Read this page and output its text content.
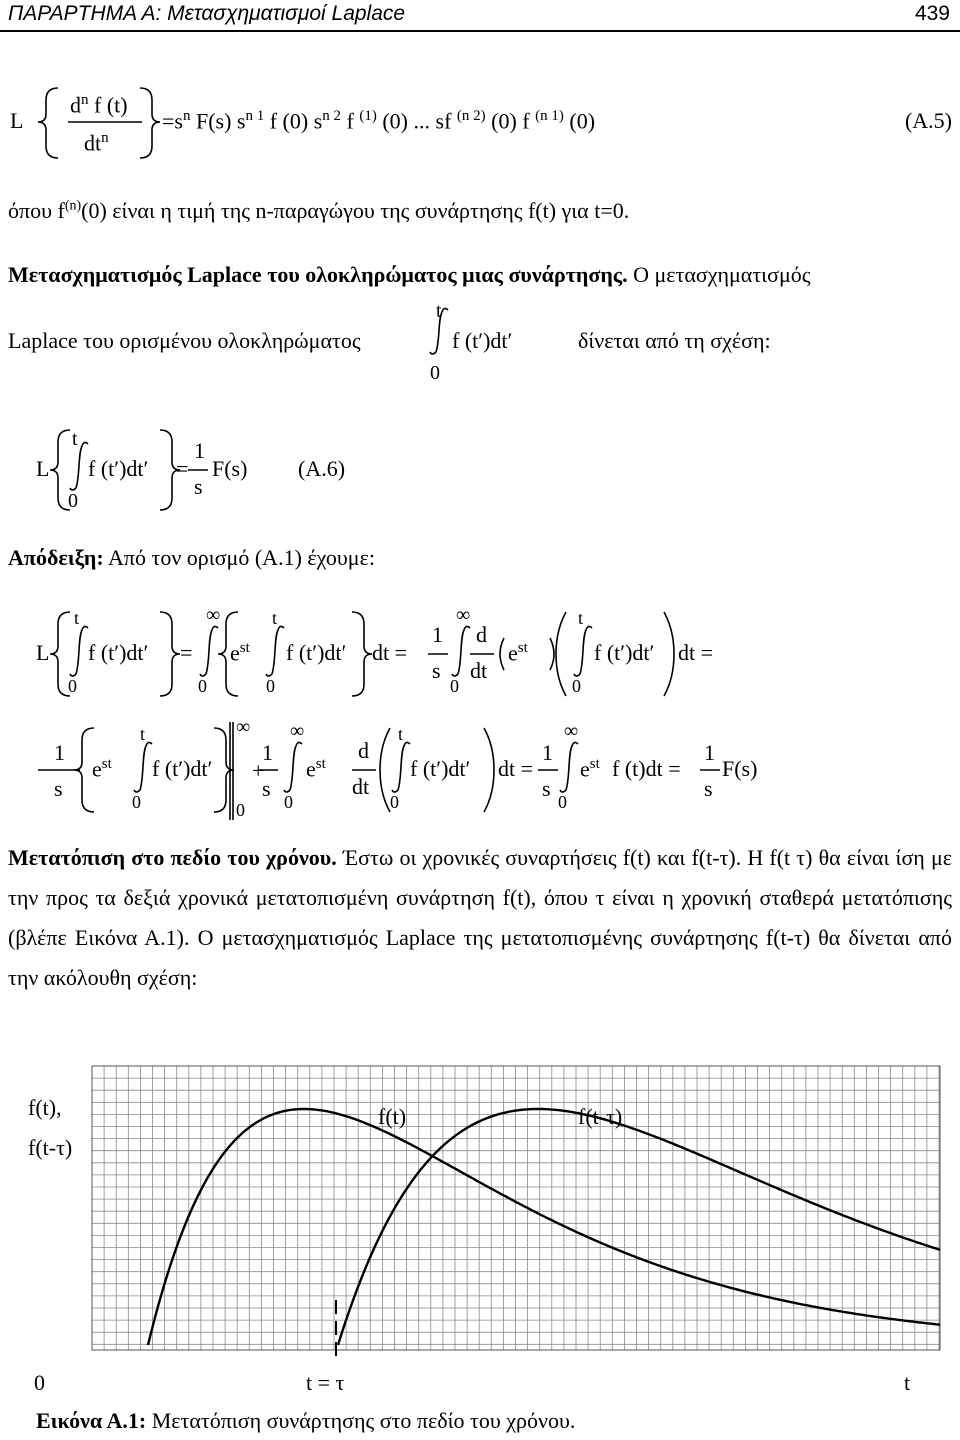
ΠΑΡΑΡΤΗΜΑ Α: Μετασχηματισμοί Laplace	439
L
$d^n$ f (t)
$dt^n$
$=s^n$ F(s) $s^{n 1}$ f (0) $s^{n 2}$ f $^{(1)}$ (0) ... sf $^{(n 2)}$ (0) f $^{(n 1)}$ (0)	(Α.5)
όπου $f^{(n)}(0)$ είναι η τιμή της n-παραγώγου της συνάρτησης f(t) για t=0.
Μετασχηματισμός Laplace του ολοκληρώματος μιας συνάρτησης. Ο μετασχηματισμός
Laplace του ορισμένου ολοκληρώματος
t
0
f (t′)dt′	δίνεται από τη σχέση:
L
t
0
f (t′)dt′ =
1
s
F(s) (Α.6)
Απόδειξη: Από τον ορισμό (Α.1) έχουμε:
L
t
0
f (t′)dt′ =
∞
0
$e^{st}$
t
0
f (t′)dt′ dt =
1
s
∞
0
d
dt
$e^{st}$
t
0
f (t′)dt′ dt =
1
s
$e^{st}$
t
0
f (t′)dt′
∞
0
+
1
s
∞
0
$e^{st}$
d
dt
t
0
f (t′)dt′ dt =
1
s
∞
0
$e^{st}$ f (t)dt =
1
s
F(s)
Μετατόπιση στο πεδίο του χρόνου. Έστω οι χρονικές συναρτήσεις f(t) και f(t-τ). Η f(t τ) θα είναι ίση με την προς τα δεξιά χρονικά μετατοπισμένη συνάρτηση f(t), όπου τ είναι η χρονική σταθερά μετατόπισης (βλέπε Εικόνα Α.1). Ο μετασχηματισμός Laplace της μετατοπισμένης συνάρτησης f(t-τ) θα δίνεται από την ακόλουθη σχέση:
f(t),
f(t-τ)
f(t)	f(t-τ)
0	t = τ	t
Εικόνα Α.1: Μετατόπιση συνάρτησης στο πεδίο του χρόνου.
